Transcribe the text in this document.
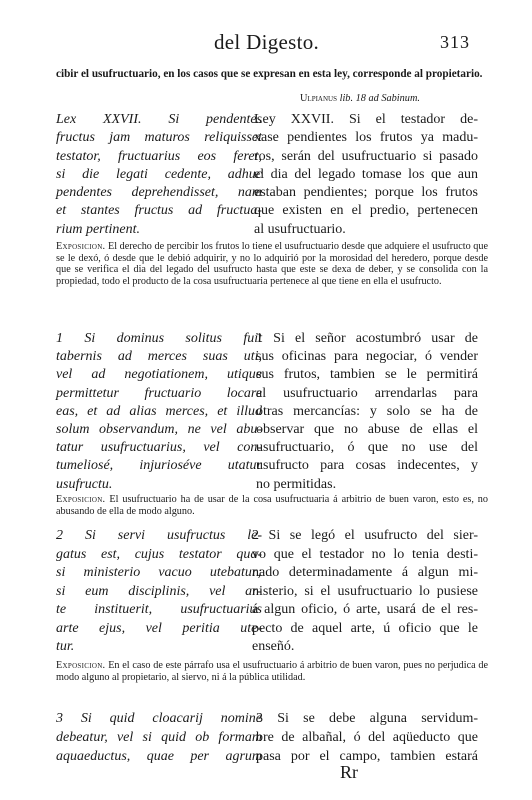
del Digesto.	313
cibir el usufructuario, en los casos que se expresan en esta ley, corresponde al propietario.
Ulpianus lib. 18 ad Sabinum.
Lex XXVII. Si pendentes
fructus jam maturos reliquisset
testator, fructuarius eos feret,
si die legati cedente, adhuc
pendentes deprehendisset, nam
et stantes fructus ad fructua-
rium pertinent.
Ley XXVII. Si el testador de-
xase pendientes los frutos ya madu-
ros, serán del usufructuario si pasado
el dia del legado tomase los que aun
estaban pendientes; porque los frutos
que existen en el predio, pertenecen
al usufructuario.
Exposicion. El derecho de percibir los frutos lo tiene el usufructuario desde que adquiere el usufructo que se le dexó, ó desde que le debió adquirir, y no lo adquirió por la morosidad del heredero, porque desde que se verifica el dia del legado del usufructo hasta que este se dexa de deber, y se consolida con la propiedad, todo el producto de la cosa usufructuaria pertenece al que tiene en ella el usufructo.
1 Si dominus solitus fuit
tabernis ad merces suas uti,
vel ad negotiationem, utique
permittetur fructuario locare
eas, et ad alias merces, et illud
solum observandum, ne vel abu-
tatur usufructuarius, vel con-
tumeliosé, injurioséve utatur
usufructu.
1 Si el señor acostumbró usar de
sus oficinas para negociar, ó vender
sus frutos, tambien se le permitirá
al usufructuario arrendarlas para
otras mercancías: y solo se ha de
observar que no abuse de ellas el
usufructuario, ó que no use del
usufructo para cosas indecentes, y
no permitidas.
Exposicion. El usufructuario ha de usar de la cosa usufructuaria á arbitrio de buen varon, esto es, no abusando de ella de modo alguno.
2 Si servi usufructus le-
gatus est, cujus testator qua-
si ministerio vacuo utebatur;
si eum disciplinis, vel ar-
te instituerit, usufructuarius
arte ejus, vel peritia ute-
tur.
2 Si se legó el usufructo del sier-
vo que el testador no lo tenia desti-
nado determinadamente á algun mi-
nisterio, si el usufructuario lo pusiese
á algun oficio, ó arte, usará de el res-
pecto de aquel arte, ú oficio que le
enseñó.
Exposicion. En el caso de este párrafo usa el usufructuario á arbitrio de buen varon, pues no perjudica de modo alguno al propietario, al siervo, ni á la pública utilidad.
3 Si quid cloacarij nomine
debeatur, vel si quid ob formam
aquaeductus, quae per agrum
3 Si se debe alguna servidum-
bre de albañal, ó del aqüeducto que
pasa por el campo, tambien estará
Rr
